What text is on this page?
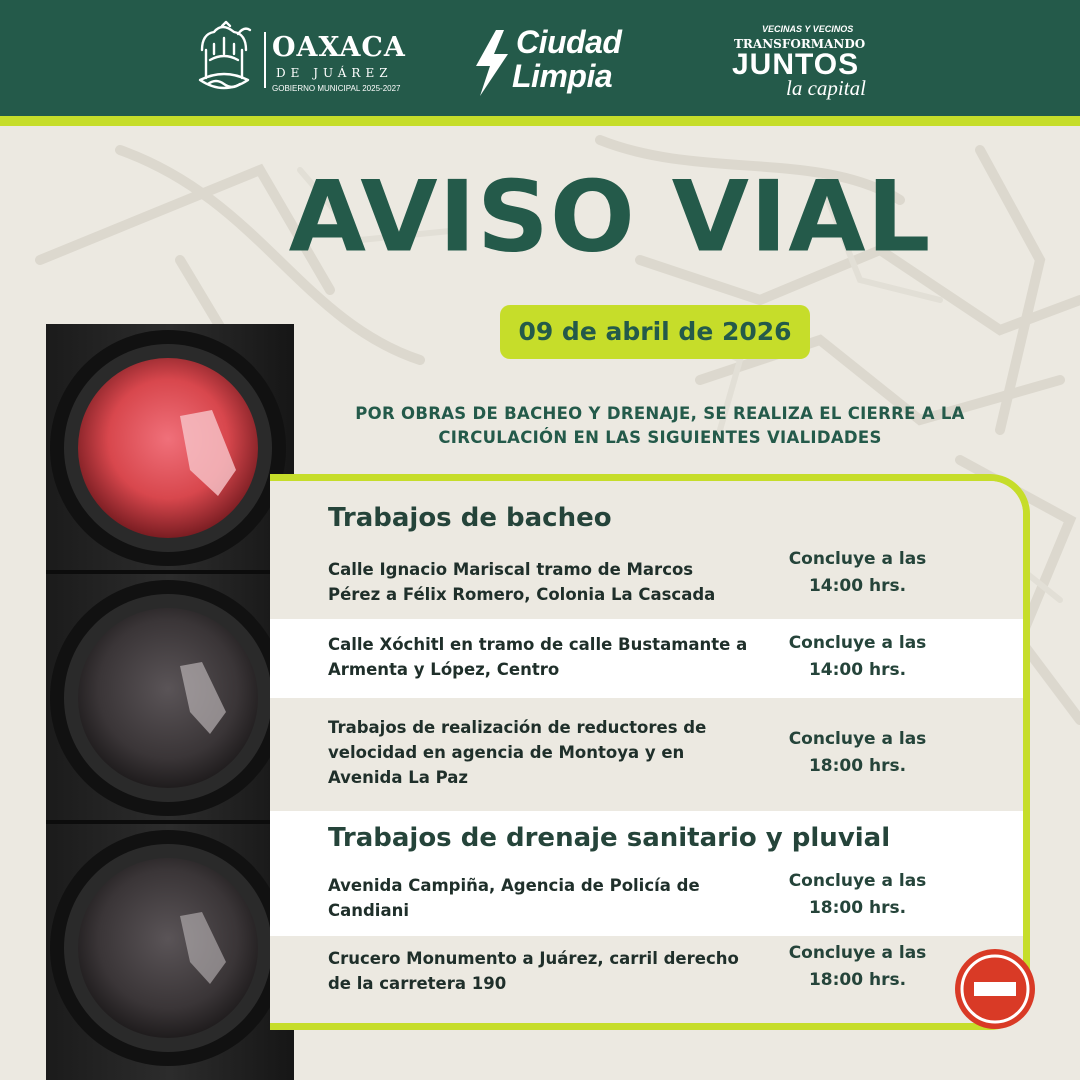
OAXACA
DE JUÁREZ
GOBIERNO MUNICIPAL 2025-2027
Ciudad
Limpia
VECINAS Y VECINOS
TRANSFORMANDO
JUNTOS
la capital
AVISO VIAL
09 de abril de 2026
POR OBRAS DE BACHEO Y DRENAJE, SE REALIZA EL CIERRE A LA CIRCULACIÓN EN LAS SIGUIENTES VIALIDADES
Trabajos de bacheo
Calle Ignacio Mariscal tramo de Marcos Pérez a Félix Romero, Colonia La Cascada
Concluye a las
14:00 hrs.
Calle Xóchitl en tramo de calle Bustamante a Armenta y López, Centro
Concluye a las
14:00 hrs.
Trabajos de realización de reductores de velocidad en agencia de Montoya y en Avenida La Paz
Concluye a las
18:00 hrs.
Trabajos de drenaje sanitario y pluvial
Avenida Campiña, Agencia de Policía de Candiani
Concluye a las
18:00 hrs.
Crucero Monumento a Juárez, carril derecho de la carretera 190
Concluye a las
18:00 hrs.
